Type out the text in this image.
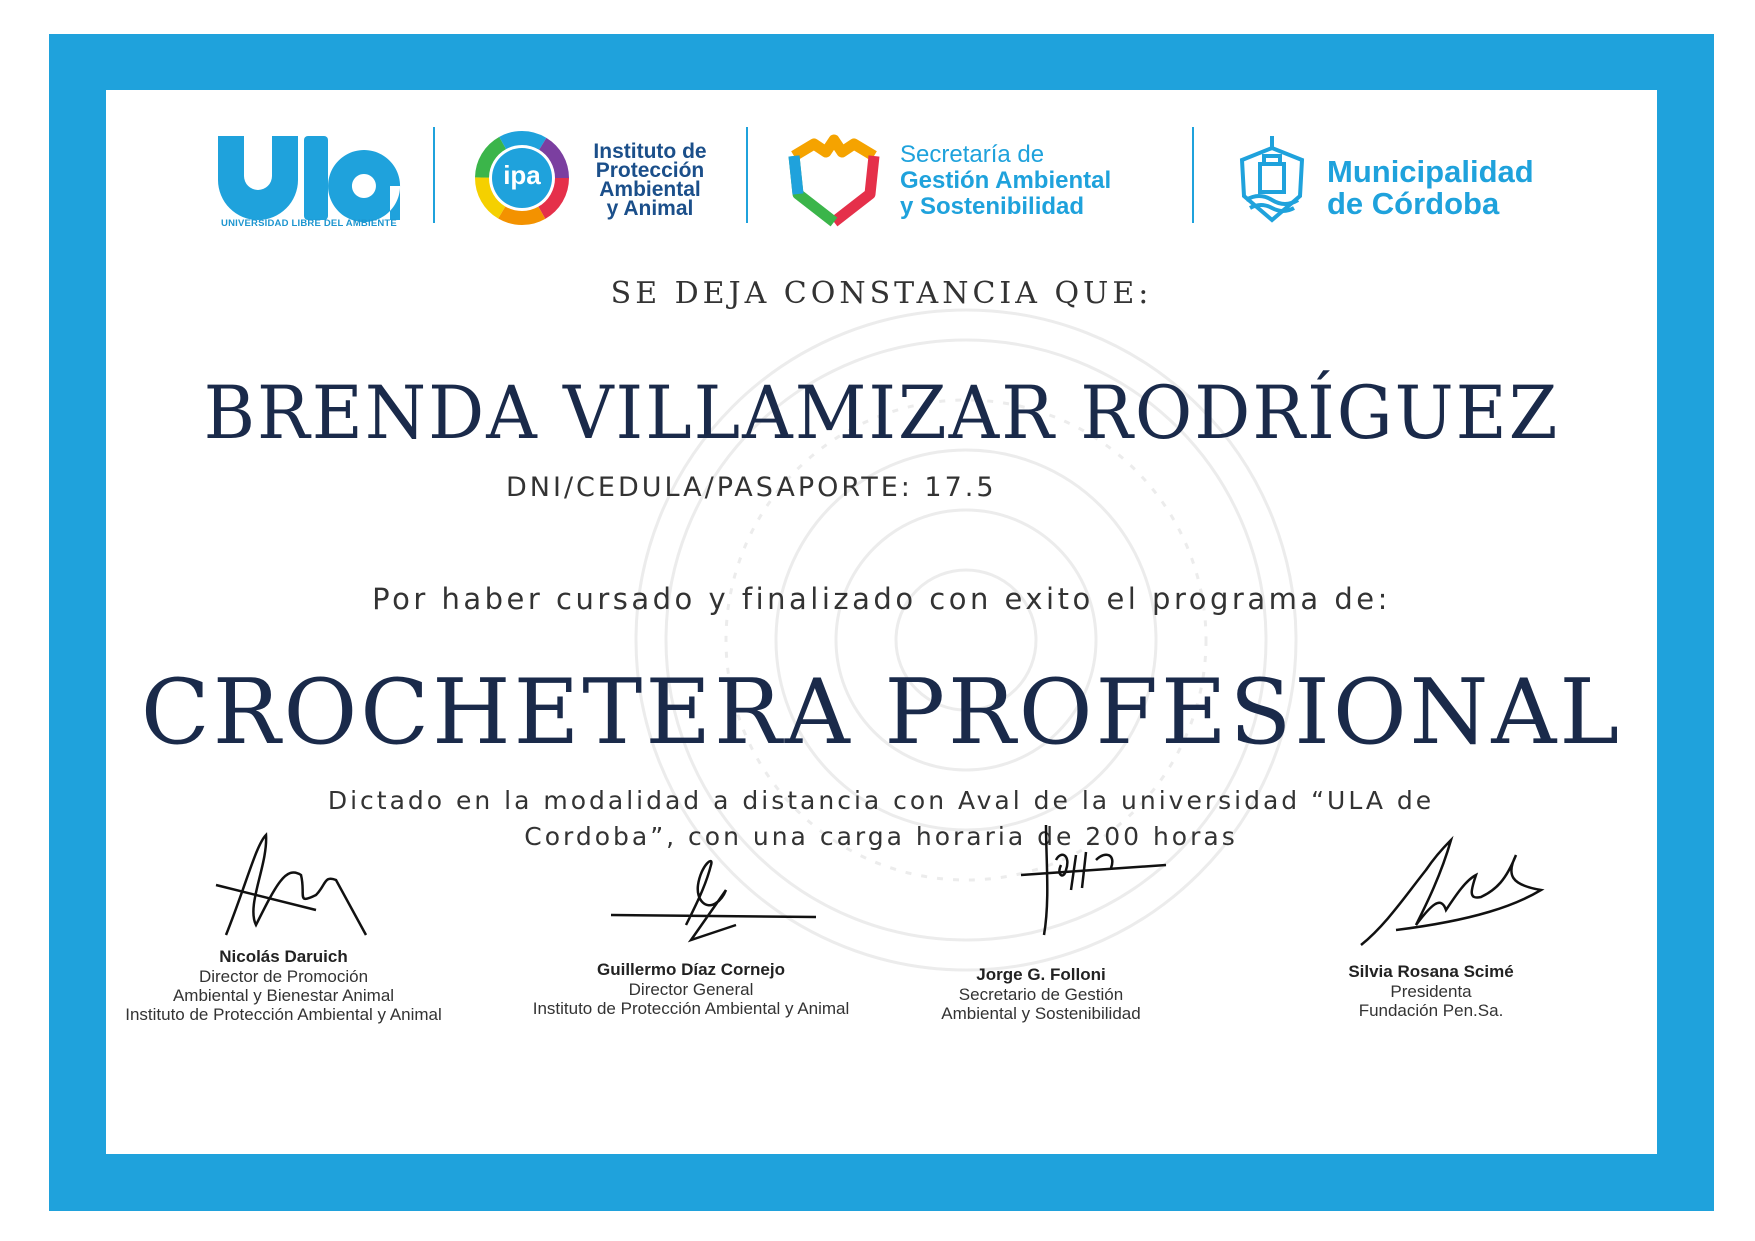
UNIVERSIDAD LIBRE DEL AMBIENTE
ipa
Instituto de
Protección
Ambiental
y Animal
Secretaría de
Gestión Ambiental
y Sostenibilidad
Municipalidad
de Córdoba
SE DEJA CONSTANCIA QUE:
BRENDA VILLAMIZAR RODRÍGUEZ
DNI/CEDULA/PASAPORTE: 17.5
Por haber cursado y finalizado con exito el programa de:
CROCHETERA PROFESIONAL
Dictado en la modalidad a distancia con Aval de la universidad “ULA de Cordoba”, con una carga horaria de 200 horas
Nicolás Daruich
Director de Promoción
Ambiental y Bienestar Animal
Instituto de Protección Ambiental y Animal
Guillermo Díaz Cornejo
Director General
Instituto de Protección Ambiental y Animal
Jorge G. Folloni
Secretario de Gestión
Ambiental y Sostenibilidad
Silvia Rosana Scimé
Presidenta
Fundación Pen.Sa.
